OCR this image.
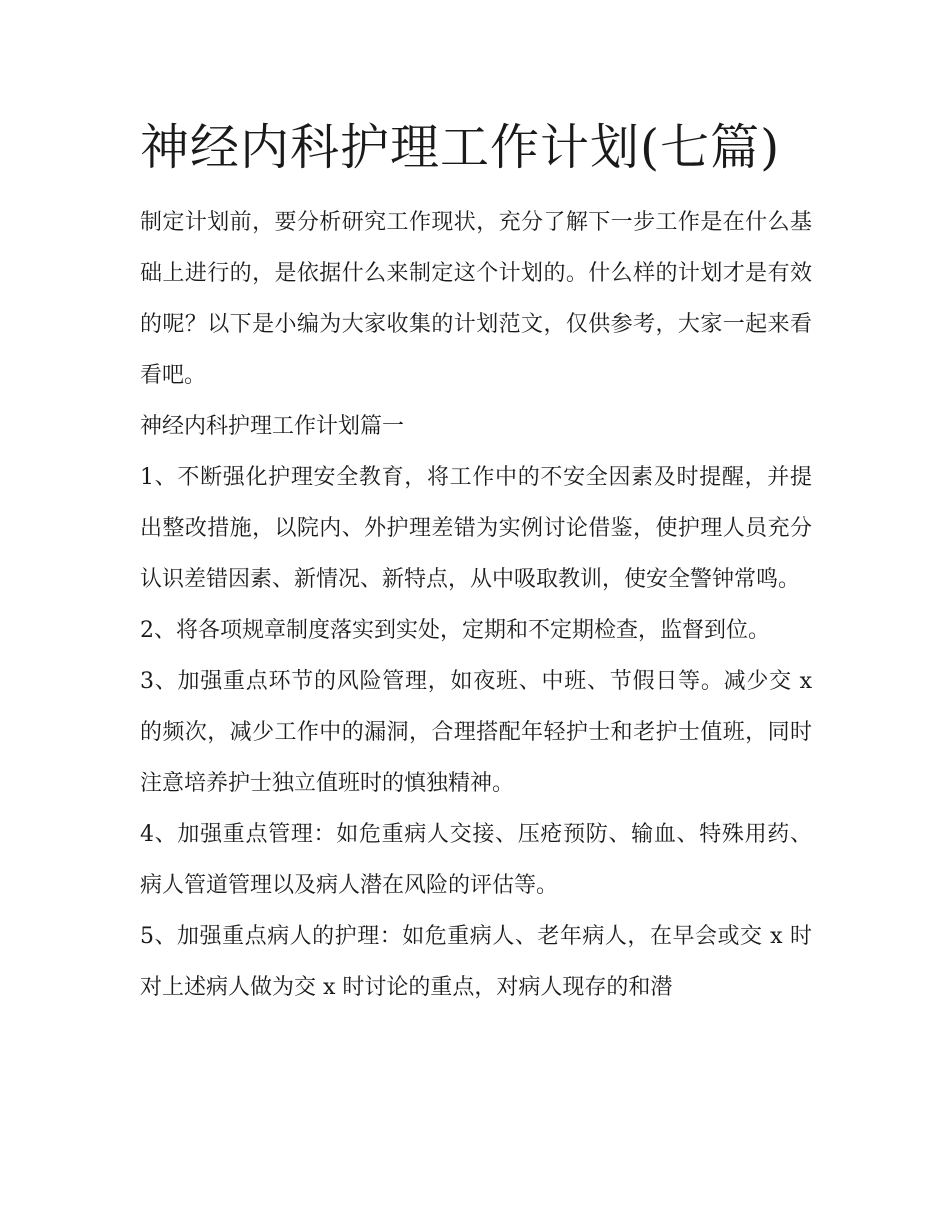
神经内科护理工作计划(七篇)

制定计划前，要分析研究工作现状，充分了解下一步工作是在什么基础上进行的，是依据什么来制定这个计划的。什么样的计划才是有效的呢？以下是小编为大家收集的计划范文，仅供参考，大家一起来看看吧。

神经内科护理工作计划篇一

1、不断强化护理安全教育，将工作中的不安全因素及时提醒，并提出整改措施，以院内、外护理差错为实例讨论借鉴，使护理人员充分认识差错因素、新情况、新特点，从中吸取教训，使安全警钟常鸣。

2、将各项规章制度落实到实处，定期和不定期检查，监督到位。

3、加强重点环节的风险管理，如夜班、中班、节假日等。减少交 x 的频次，减少工作中的漏洞，合理搭配年轻护士和老护士值班，同时注意培养护士独立值班时的慎独精神。

4、加强重点管理：如危重病人交接、压疮预防、输血、特殊用药、病人管道管理以及病人潜在风险的评估等。

5、加强重点病人的护理：如危重病人、老年病人，在早会或交 x 时对上述病人做为交 x 时讨论的重点，对病人现存的和潜
